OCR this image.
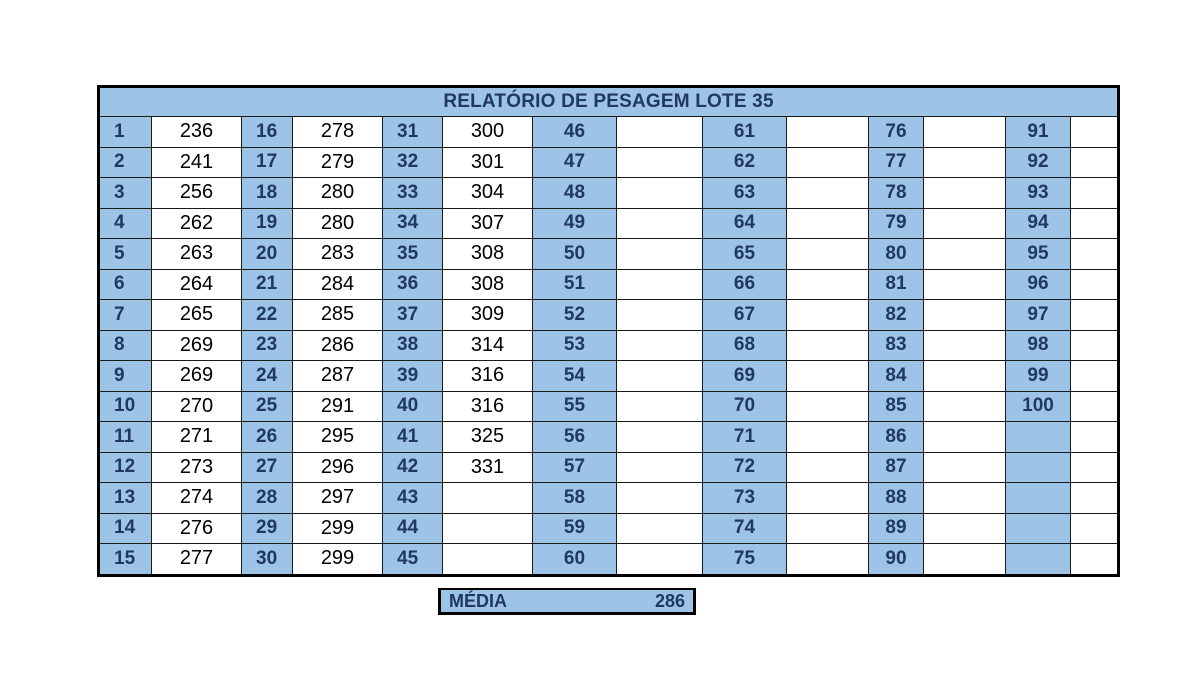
RELATÓRIO DE PESAGEM LOTE 35													
1	236	16	278	31	300	46		61		76		91	
2	241	17	279	32	301	47		62		77		92	
3	256	18	280	33	304	48		63		78		93	
4	262	19	280	34	307	49		64		79		94	
5	263	20	283	35	308	50		65		80		95	
6	264	21	284	36	308	51		66		81		96	
7	265	22	285	37	309	52		67		82		97	
8	269	23	286	38	314	53		68		83		98	
9	269	24	287	39	316	54		69		84		99	
10	270	25	291	40	316	55		70		85		100	
11	271	26	295	41	325	56		71		86			
12	273	27	296	42	331	57		72		87			
13	274	28	297	43		58		73		88			
14	276	29	299	44		59		74		89			
15	277	30	299	45		60		75		90			
MÉDIA	286
